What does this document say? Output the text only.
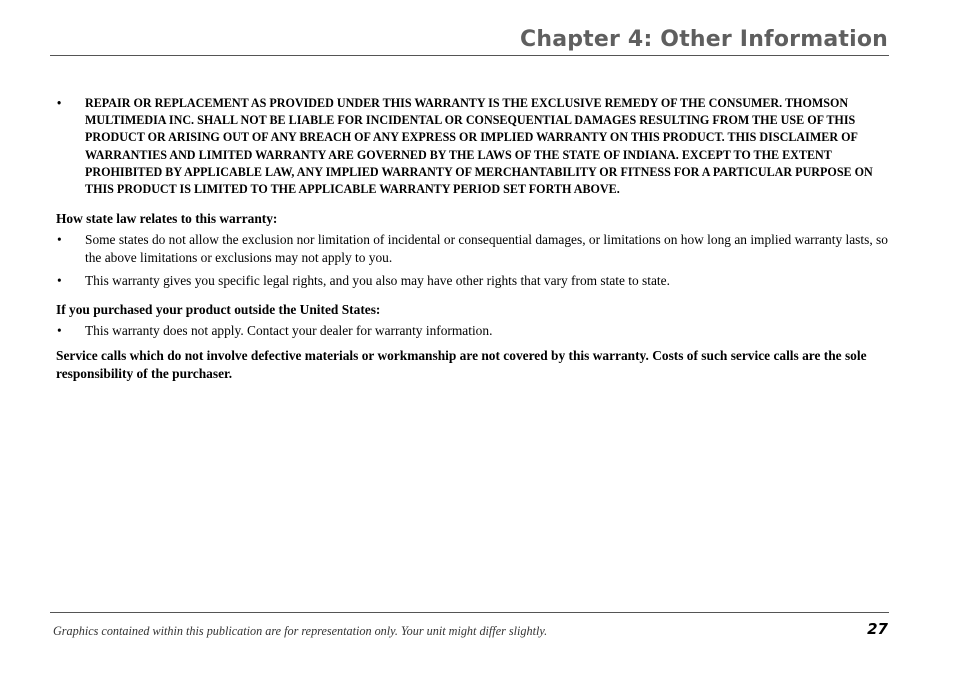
Chapter 4: Other Information
• REPAIR OR REPLACEMENT AS PROVIDED UNDER THIS WARRANTY IS THE EXCLUSIVE REMEDY OF THE CONSUMER. THOMSON MULTIMEDIA INC. SHALL NOT BE LIABLE FOR INCIDENTAL OR CONSEQUENTIAL DAMAGES RESULTING FROM THE USE OF THIS PRODUCT OR ARISING OUT OF ANY BREACH OF ANY EXPRESS OR IMPLIED WARRANTY ON THIS PRODUCT. THIS DISCLAIMER OF WARRANTIES AND LIMITED WARRANTY ARE GOVERNED BY THE LAWS OF THE STATE OF INDIANA. EXCEPT TO THE EXTENT PROHIBITED BY APPLICABLE LAW, ANY IMPLIED WARRANTY OF MERCHANTABILITY OR FITNESS FOR A PARTICULAR PURPOSE ON THIS PRODUCT IS LIMITED TO THE APPLICABLE WARRANTY PERIOD SET FORTH ABOVE.
How state law relates to this warranty:
• Some states do not allow the exclusion nor limitation of incidental or consequential damages, or limitations on how long an implied warranty lasts, so the above limitations or exclusions may not apply to you.
• This warranty gives you specific legal rights, and you also may have other rights that vary from state to state.
If you purchased your product outside the United States:
• This warranty does not apply. Contact your dealer for warranty information.
Service calls which do not involve defective materials or workmanship are not covered by this warranty. Costs of such service calls are the sole responsibility of the purchaser.
Graphics contained within this publication are for representation only. Your unit might differ slightly.	27
